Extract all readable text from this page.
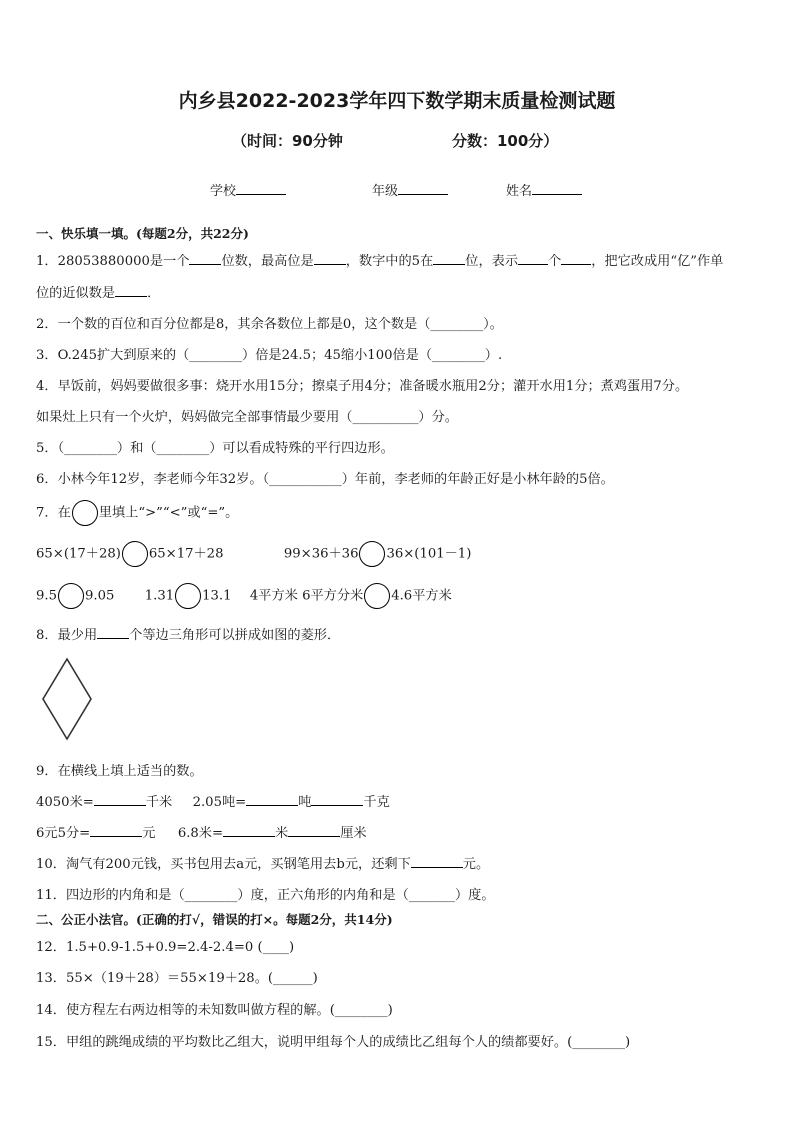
内乡县2022-2023学年四下数学期末质量检测试题
（时间：90分钟	分数：100分）
学校	年级	姓名
一、快乐填一填。(每题2分，共22分)
1．28053880000是一个 位数，最高位是 ，数字中的5在 位，表示 个 ，把它改成用“亿”作单
位的近似数是 ．
2．一个数的百位和百分位都是8，其余各数位上都是0，这个数是（________）。
3．O.245扩大到原来的（________）倍是24.5；45缩小100倍是（________）.
4．早饭前，妈妈要做很多事：烧开水用15分；擦桌子用4分；准备暖水瓶用2分；灌开水用1分；煮鸡蛋用7分。
如果灶上只有一个火炉，妈妈做完全部事情最少要用（__________）分。
5．（________）和（________）可以看成特殊的平行四边形。
6．小林今年12岁，李老师今年32岁。（___________）年前，李老师的年龄正好是小林年龄的5倍。
7．在 里填上“>”“<”或“=”。
65×(17＋28) 65×17＋28	99×36＋36 36×(101－1)
9.5 9.05 1.31 13.1 4平方米 6平方分米 4.6平方米
8．最少用 个等边三角形可以拼成如图的菱形．
9．在横线上填上适当的数。
4050米=	千米 2.05吨=	吨	千克
6元5分=	元 6.8米=	米	厘米
10．淘气有200元钱，买书包用去a元，买钢笔用去b元，还剩下	元。
11．四边形的内角和是（________）度，正六角形的内角和是（_______）度。
二、公正小法官。(正确的打√，错误的打×。每题2分，共14分)
12．1.5+0.9-1.5+0.9=2.4-2.4=0 (____)
13．55×（19＋28）＝55×19＋28。(______)
14．使方程左右两边相等的未知数叫做方程的解。(________)
15．甲组的跳绳成绩的平均数比乙组大，说明甲组每个人的成绩比乙组每个人的绩都要好。(________)
